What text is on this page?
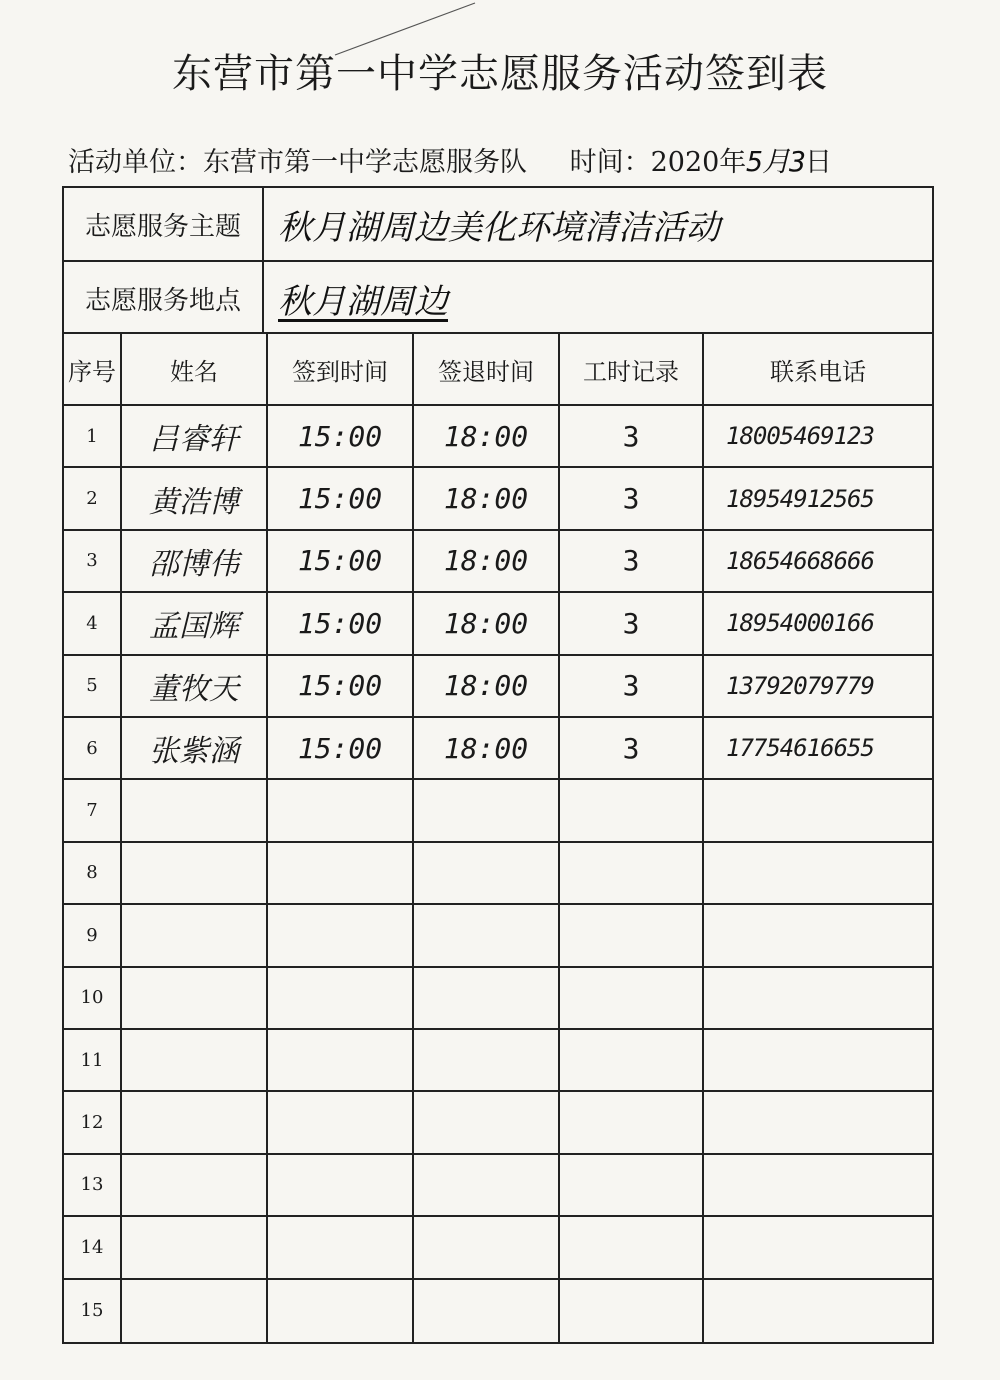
东营市第一中学志愿服务活动签到表
活动单位：东营市第一中学志愿服务队 时间：2020年5月3日
志愿服务主题	秋月湖周边美化环境清洁活动
志愿服务地点	秋月湖周边
序号	姓名	签到时间	签退时间	工时记录	联系电话
1	吕睿轩	15:00	18:00	3	18005469123
2	黄浩博	15:00	18:00	3	18954912565
3	邵博伟	15:00	18:00	3	18654668666
4	孟国辉	15:00	18:00	3	18954000166
5	董牧天	15:00	18:00	3	13792079779
6	张紫涵	15:00	18:00	3	17754616655
7
8
9
10
11
12
13
14
15
